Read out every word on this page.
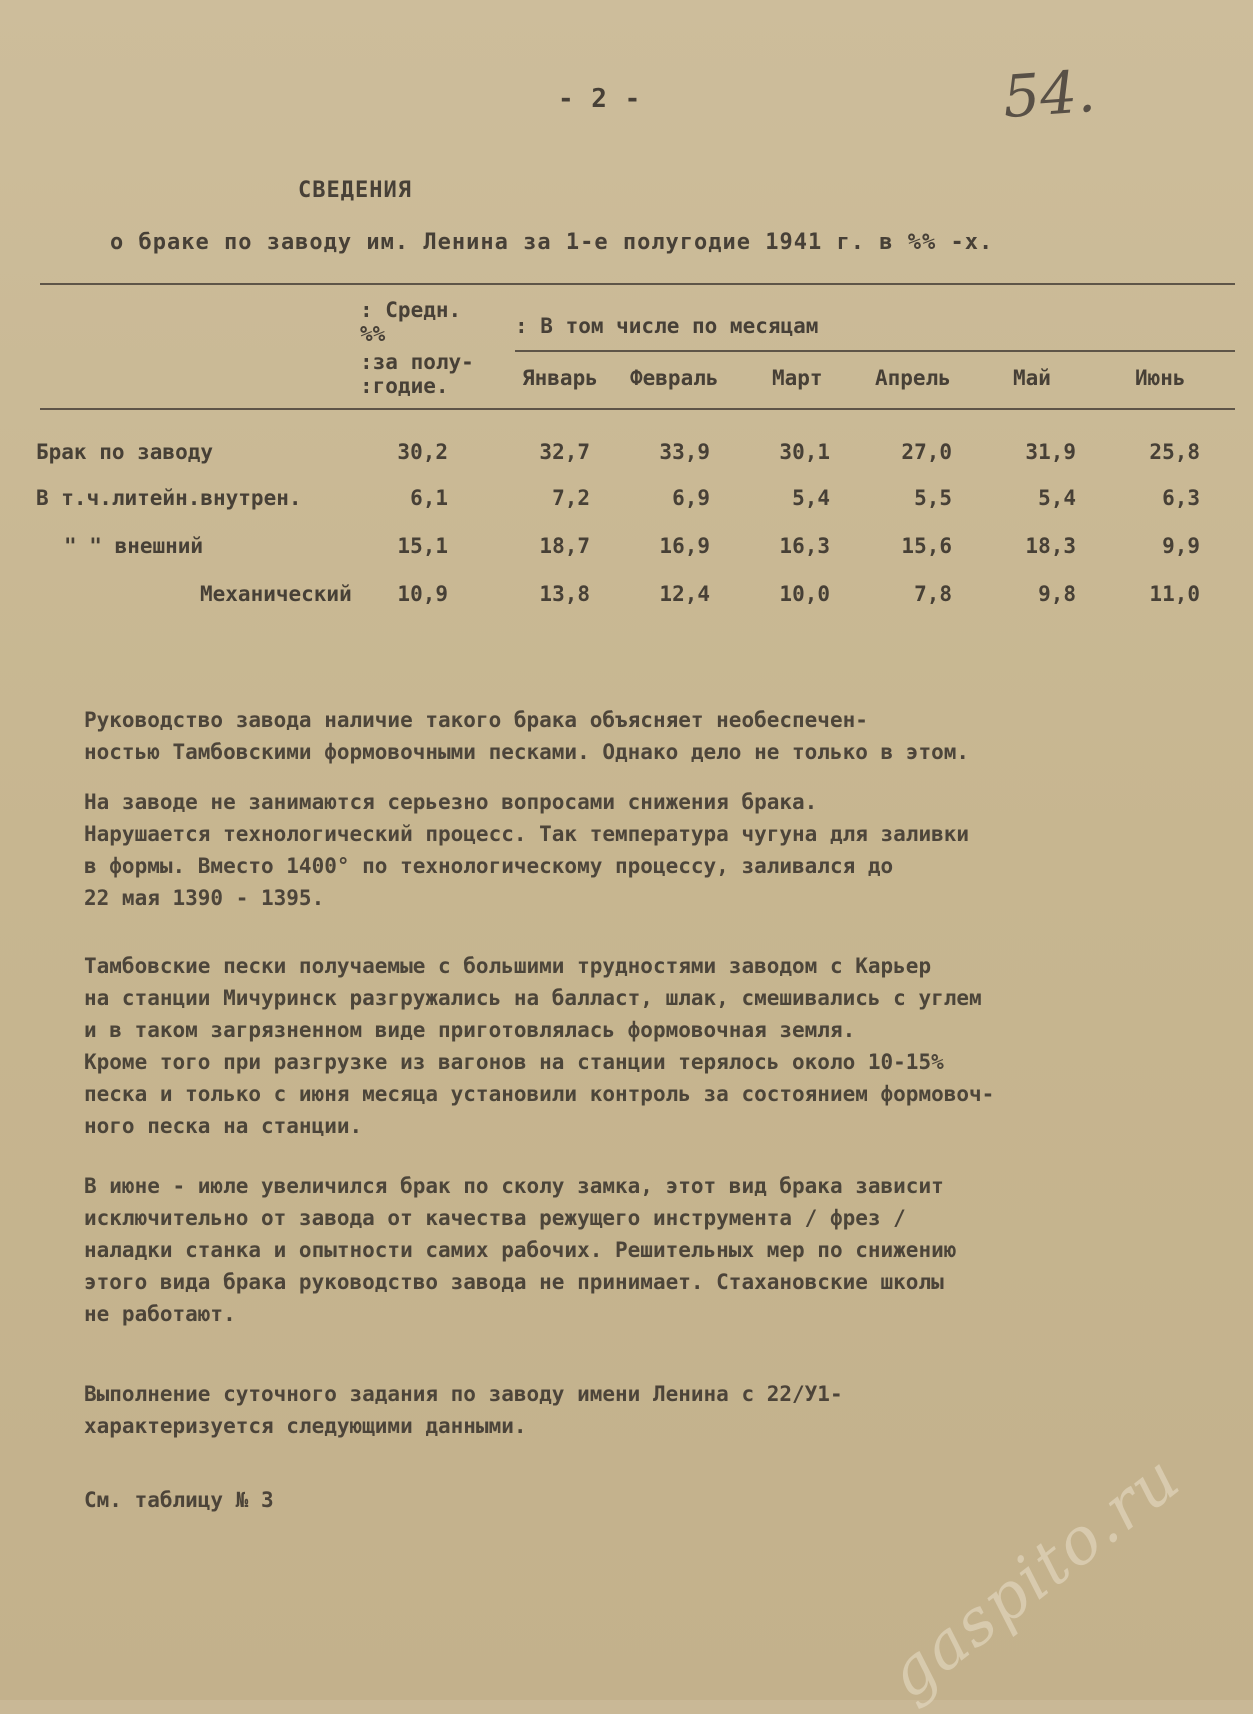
- 2 -	54.
СВЕДЕНИЯ
о браке по заводу им. Ленина за 1-е полугодие 1941 г. в %% -х.
: Средн.
%%
:за полу-
:годие.
: В том числе по месяцам
Январь Февраль	Март Апрель	Май	Июнь
Брак по заводу	30,2	32,7	33,9	30,1	27,0	31,9	25,8
В т.ч.литейн.внутрен.	6,1	7,2	6,9	5,4	5,5	5,4	6,3
" " внешний	15,1	18,7	16,9	16,3	15,6	18,3	9,9
Механический	10,9	13,8	12,4	10,0	7,8	9,8	11,0
Руководство завода наличие такого брака объясняет необеспечен-
ностью Тамбовскими формовочными песками. Однако дело не только в этом.
На заводе не занимаются серьезно вопросами снижения брака.
Нарушается технологический процесс. Так температура чугуна для заливки
в формы. Вместо 1400° по технологическому процессу, заливался до
22 мая 1390 - 1395.
Тамбовские пески получаемые с большими трудностями заводом с Карьер
на станции Мичуринск разгружались на баллаcт, шлак, смешивались с углем
и в таком загрязненном виде приготовлялась формовочная земля.
Кроме того при разгрузке из вагонов на станции терялось около 10-15%
песка и только с июня месяца установили контроль за состоянием формовоч-
ного песка на станции.
В июне - июле увеличился брак по сколу замка, этот вид брака зависит
исключительно от завода от качества режущего инструмента / фрез /
наладки станка и опытности самих рабочих. Решительных мер по снижению
этого вида брака руководство завода не принимает. Стахановские школы
не работают.
Выполнение суточного задания по заводу имени Ленина с 22/У1-
характеризуется следующими данными.
См. таблицу № 3	gaspito.ru
